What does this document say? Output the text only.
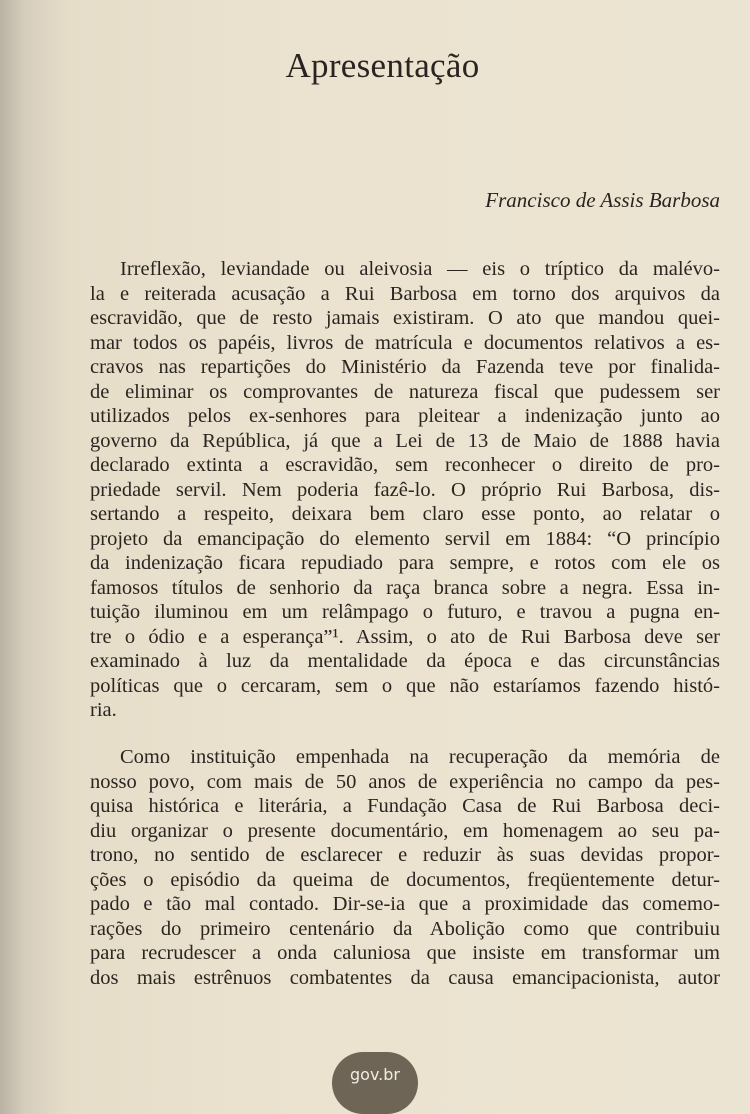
Apresentação
Francisco de Assis Barbosa
Irreflexão, leviandade ou aleivosia — eis o tríptico da malévo-
la e reiterada acusação a Rui Barbosa em torno dos arquivos da
escravidão, que de resto jamais existiram. O ato que mandou quei-
mar todos os papéis, livros de matrícula e documentos relativos a es-
cravos nas repartições do Ministério da Fazenda teve por finalida-
de eliminar os comprovantes de natureza fiscal que pudessem ser
utilizados pelos ex-senhores para pleitear a indenização junto ao
governo da República, já que a Lei de 13 de Maio de 1888 havia
declarado extinta a escravidão, sem reconhecer o direito de pro-
priedade servil. Nem poderia fazê-lo. O próprio Rui Barbosa, dis-
sertando a respeito, deixara bem claro esse ponto, ao relatar o
projeto da emancipação do elemento servil em 1884: “O princípio
da indenização ficara repudiado para sempre, e rotos com ele os
famosos títulos de senhorio da raça branca sobre a negra. Essa in-
tuição iluminou em um relâmpago o futuro, e travou a pugna en-
tre o ódio e a esperança”¹. Assim, o ato de Rui Barbosa deve ser
examinado à luz da mentalidade da época e das circunstâncias
políticas que o cercaram, sem o que não estaríamos fazendo histó-
ria.
Como instituição empenhada na recuperação da memória de
nosso povo, com mais de 50 anos de experiência no campo da pes-
quisa histórica e literária, a Fundação Casa de Rui Barbosa deci-
diu organizar o presente documentário, em homenagem ao seu pa-
trono, no sentido de esclarecer e reduzir às suas devidas propor-
ções o episódio da queima de documentos, freqüentemente detur-
pado e tão mal contado. Dir-se-ia que a proximidade das comemo-
rações do primeiro centenário da Abolição como que contribuiu
para recrudescer a onda caluniosa que insiste em transformar um
dos mais estrênuos combatentes da causa emancipacionista, autor
gov.br
